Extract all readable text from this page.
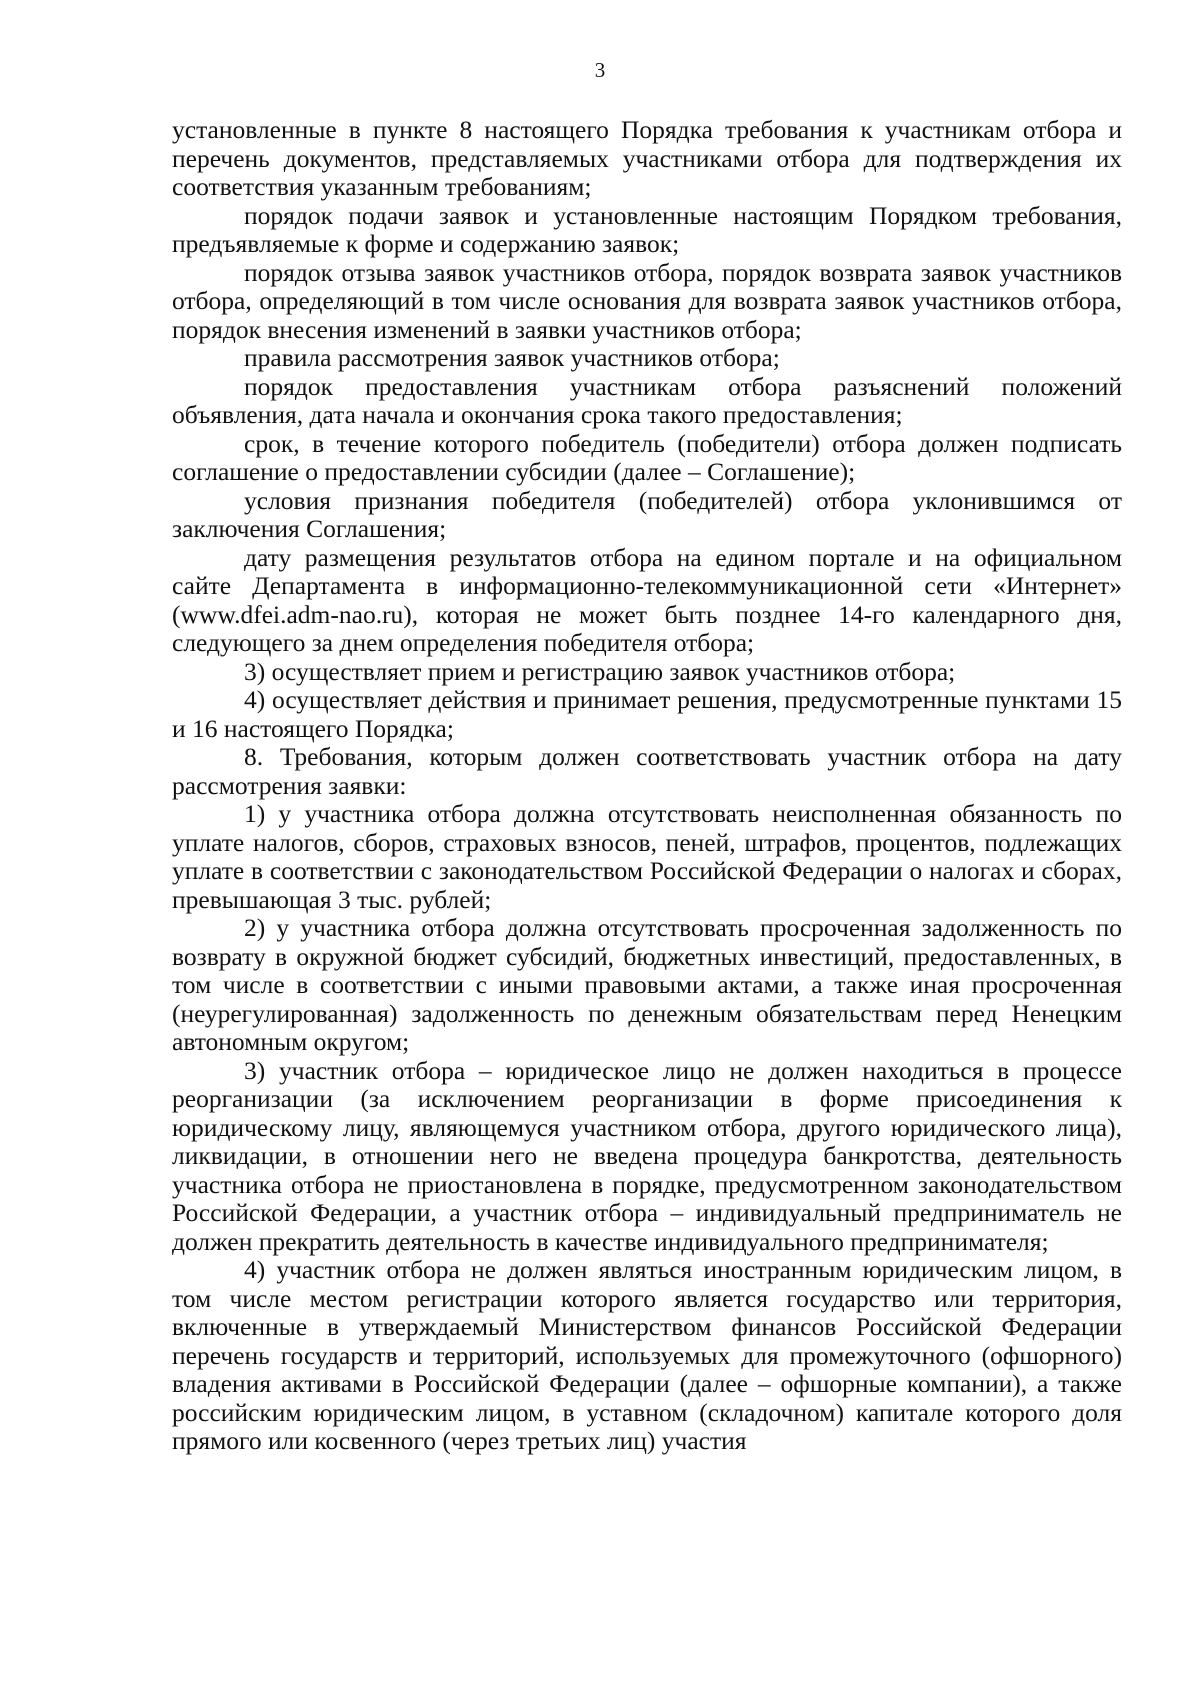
3

установленные в пункте 8 настоящего Порядка требования к участникам отбора и перечень документов, представляемых участниками отбора для подтверждения их соответствия указанным требованиям;

порядок подачи заявок и установленные настоящим Порядком требования, предъявляемые к форме и содержанию заявок;

порядок отзыва заявок участников отбора, порядок возврата заявок участников отбора, определяющий в том числе основания для возврата заявок участников отбора, порядок внесения изменений в заявки участников отбора;

правила рассмотрения заявок участников отбора;

порядок предоставления участникам отбора разъяснений положений объявления, дата начала и окончания срока такого предоставления;

срок, в течение которого победитель (победители) отбора должен подписать соглашение о предоставлении субсидии (далее – Соглашение);

условия признания победителя (победителей) отбора уклонившимся от заключения Соглашения;

дату размещения результатов отбора на едином портале и на официальном сайте Департамента в информационно-телекоммуникационной сети «Интернет» (www.dfei.adm-nao.ru), которая не может быть позднее 14-го календарного дня, следующего за днем определения победителя отбора;

3) осуществляет прием и регистрацию заявок участников отбора;

4) осуществляет действия и принимает решения, предусмотренные пунктами 15 и 16 настоящего Порядка;

8. Требования, которым должен соответствовать участник отбора на дату рассмотрения заявки:

1) у участника отбора должна отсутствовать неисполненная обязанность по уплате налогов, сборов, страховых взносов, пеней, штрафов, процентов, подлежащих уплате в соответствии с законодательством Российской Федерации о налогах и сборах, превышающая 3 тыс. рублей;

2) у участника отбора должна отсутствовать просроченная задолженность по возврату в окружной бюджет субсидий, бюджетных инвестиций, предоставленных, в том числе в соответствии с иными правовыми актами, а также иная просроченная (неурегулированная) задолженность по денежным обязательствам перед Ненецким автономным округом;

3) участник отбора – юридическое лицо не должен находиться в процессе реорганизации (за исключением реорганизации в форме присоединения к юридическому лицу, являющемуся участником отбора, другого юридического лица), ликвидации, в отношении него не введена процедура банкротства, деятельность участника отбора не приостановлена в порядке, предусмотренном законодательством Российской Федерации, а участник отбора – индивидуальный предприниматель не должен прекратить деятельность в качестве индивидуального предпринимателя;

4) участник отбора не должен являться иностранным юридическим лицом, в том числе местом регистрации которого является государство или территория, включенные в утверждаемый Министерством финансов Российской Федерации перечень государств и территорий, используемых для промежуточного (офшорного) владения активами в Российской Федерации (далее – офшорные компании), а также российским юридическим лицом, в уставном (складочном) капитале которого доля прямого или косвенного (через третьих лиц) участия
